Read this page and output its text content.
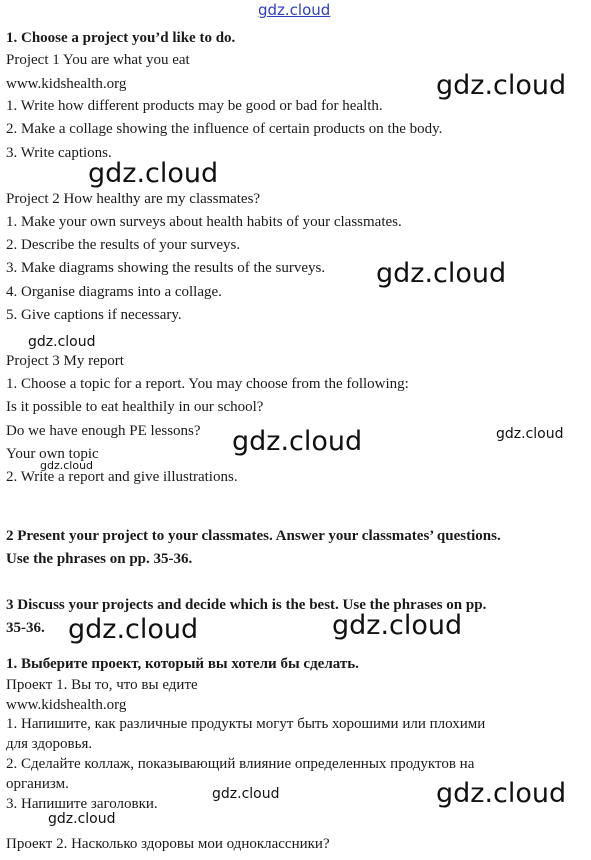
gdz.cloud
1. Choose a project you’d like to do.
Project 1 You are what you eat
www.kidshealth.org
1. Write how different products may be good or bad for health.
2. Make a collage showing the influence of certain products on the body.
3. Write captions.
Project 2 How healthy are my classmates?
1. Make your own surveys about health habits of your classmates.
2. Describe the results of your surveys.
3. Make diagrams showing the results of the surveys.
4. Organise diagrams into a collage.
5. Give captions if necessary.
Project 3 My report
1. Choose a topic for a report. You may choose from the following:
Is it possible to eat healthily in our school?
Do we have enough PE lessons?
Your own topic
2. Write a report and give illustrations.
2 Present your project to your classmates. Answer your classmates’ questions.
Use the phrases on pp. 35-36.
3 Discuss your projects and decide which is the best. Use the phrases on pp.
35-36.
1. Выберите проект, который вы хотели бы сделать.
Проект 1. Вы то, что вы едите
www.kidshealth.org
1. Напишите, как различные продукты могут быть хорошими или плохими
для здоровья.
2. Сделайте коллаж, показывающий влияние определенных продуктов на
организм.
3. Напишите заголовки.
Проект 2. Насколько здоровы мои одноклассники?
gdz.cloud
gdz.cloud
gdz.cloud
gdz.cloud
gdz.cloud	gdz.cloud
gdz.cloud
gdz.cloud	gdz.cloud
gdz.cloud	gdz.cloud
gdz.cloud
